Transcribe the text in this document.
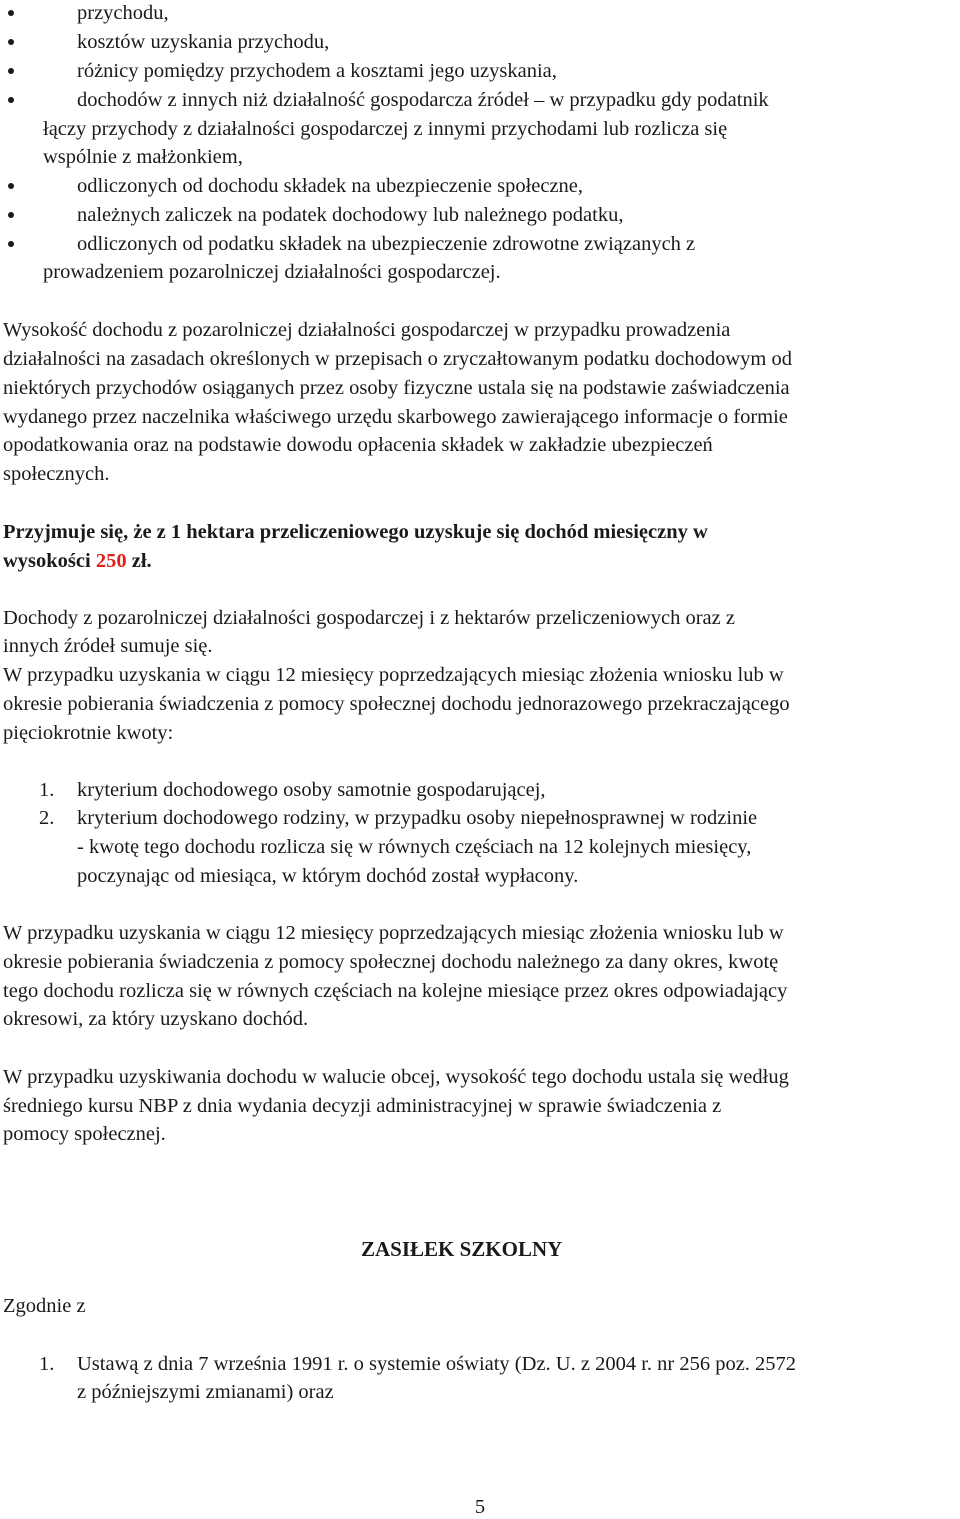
przychodu,
kosztów uzyskania przychodu,
różnicy pomiędzy przychodem a kosztami jego uzyskania,
dochodów z innych niż działalność gospodarcza źródeł – w przypadku gdy podatnik
łączy przychody z działalności gospodarczej z innymi przychodami lub rozlicza się
wspólnie z małżonkiem,
odliczonych od dochodu składek na ubezpieczenie społeczne,
należnych zaliczek na podatek dochodowy lub należnego podatku,
odliczonych od podatku składek na ubezpieczenie zdrowotne związanych z
prowadzeniem pozarolniczej działalności gospodarczej.
Wysokość dochodu z pozarolniczej działalności gospodarczej w przypadku prowadzenia
działalności na zasadach określonych w przepisach o zryczałtowanym podatku dochodowym od
niektórych przychodów osiąganych przez osoby fizyczne ustala się na podstawie zaświadczenia
wydanego przez naczelnika właściwego urzędu skarbowego zawierającego informacje o formie
opodatkowania oraz na podstawie dowodu opłacenia składek w zakładzie ubezpieczeń
społecznych.
Przyjmuje się, że z 1 hektara przeliczeniowego uzyskuje się dochód miesięczny w
wysokości 250 zł.
Dochody z pozarolniczej działalności gospodarczej i z hektarów przeliczeniowych oraz z
innych źródeł sumuje się.
W przypadku uzyskania w ciągu 12 miesięcy poprzedzających miesiąc złożenia wniosku lub w
okresie pobierania świadczenia z pomocy społecznej dochodu jednorazowego przekraczającego
pięciokrotnie kwoty:
1. kryterium dochodowego osoby samotnie gospodarującej,
2. kryterium dochodowego rodziny, w przypadku osoby niepełnosprawnej w rodzinie
- kwotę tego dochodu rozlicza się w równych częściach na 12 kolejnych miesięcy,
poczynając od miesiąca, w którym dochód został wypłacony.
W przypadku uzyskania w ciągu 12 miesięcy poprzedzających miesiąc złożenia wniosku lub w
okresie pobierania świadczenia z pomocy społecznej dochodu należnego za dany okres, kwotę
tego dochodu rozlicza się w równych częściach na kolejne miesiące przez okres odpowiadający
okresowi, za który uzyskano dochód.
W przypadku uzyskiwania dochodu w walucie obcej, wysokość tego dochodu ustala się według
średniego kursu NBP z dnia wydania decyzji administracyjnej w sprawie świadczenia z
pomocy społecznej.
ZASIŁEK SZKOLNY
Zgodnie z
1. Ustawą z dnia 7 września 1991 r. o systemie oświaty (Dz. U. z 2004 r. nr 256 poz. 2572
z późniejszymi zmianami) oraz
5
